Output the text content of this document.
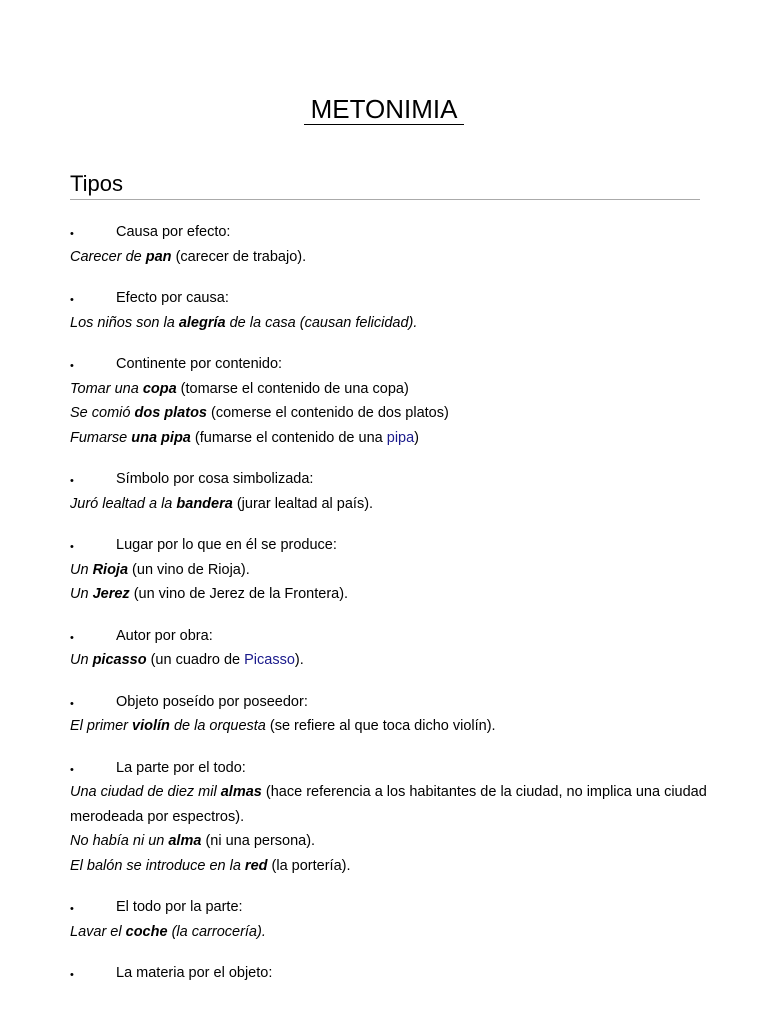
METONIMIA
Tipos
•	Causa por efecto:
Carecer de pan (carecer de trabajo).
•	Efecto por causa:
Los niños son la alegría de la casa (causan felicidad).
•	Continente por contenido:
Tomar una copa (tomarse el contenido de una copa)
Se comió dos platos (comerse el contenido de dos platos)
Fumarse una pipa (fumarse el contenido de una pipa)
•	Símbolo por cosa simbolizada:
Juró lealtad a la bandera (jurar lealtad al país).
•	Lugar por lo que en él se produce:
Un Rioja (un vino de Rioja).
Un Jerez (un vino de Jerez de la Frontera).
•	Autor por obra:
Un picasso (un cuadro de Picasso).
•	Objeto poseído por poseedor:
El primer violín de la orquesta (se refiere al que toca dicho violín).
•	La parte por el todo:
Una ciudad de diez mil almas (hace referencia a los habitantes de la ciudad, no implica una ciudad merodeada por espectros).
No había ni un alma (ni una persona).
El balón se introduce en la red (la portería).
•	El todo por la parte:
Lavar el coche (la carrocería).
•	La materia por el objeto:
